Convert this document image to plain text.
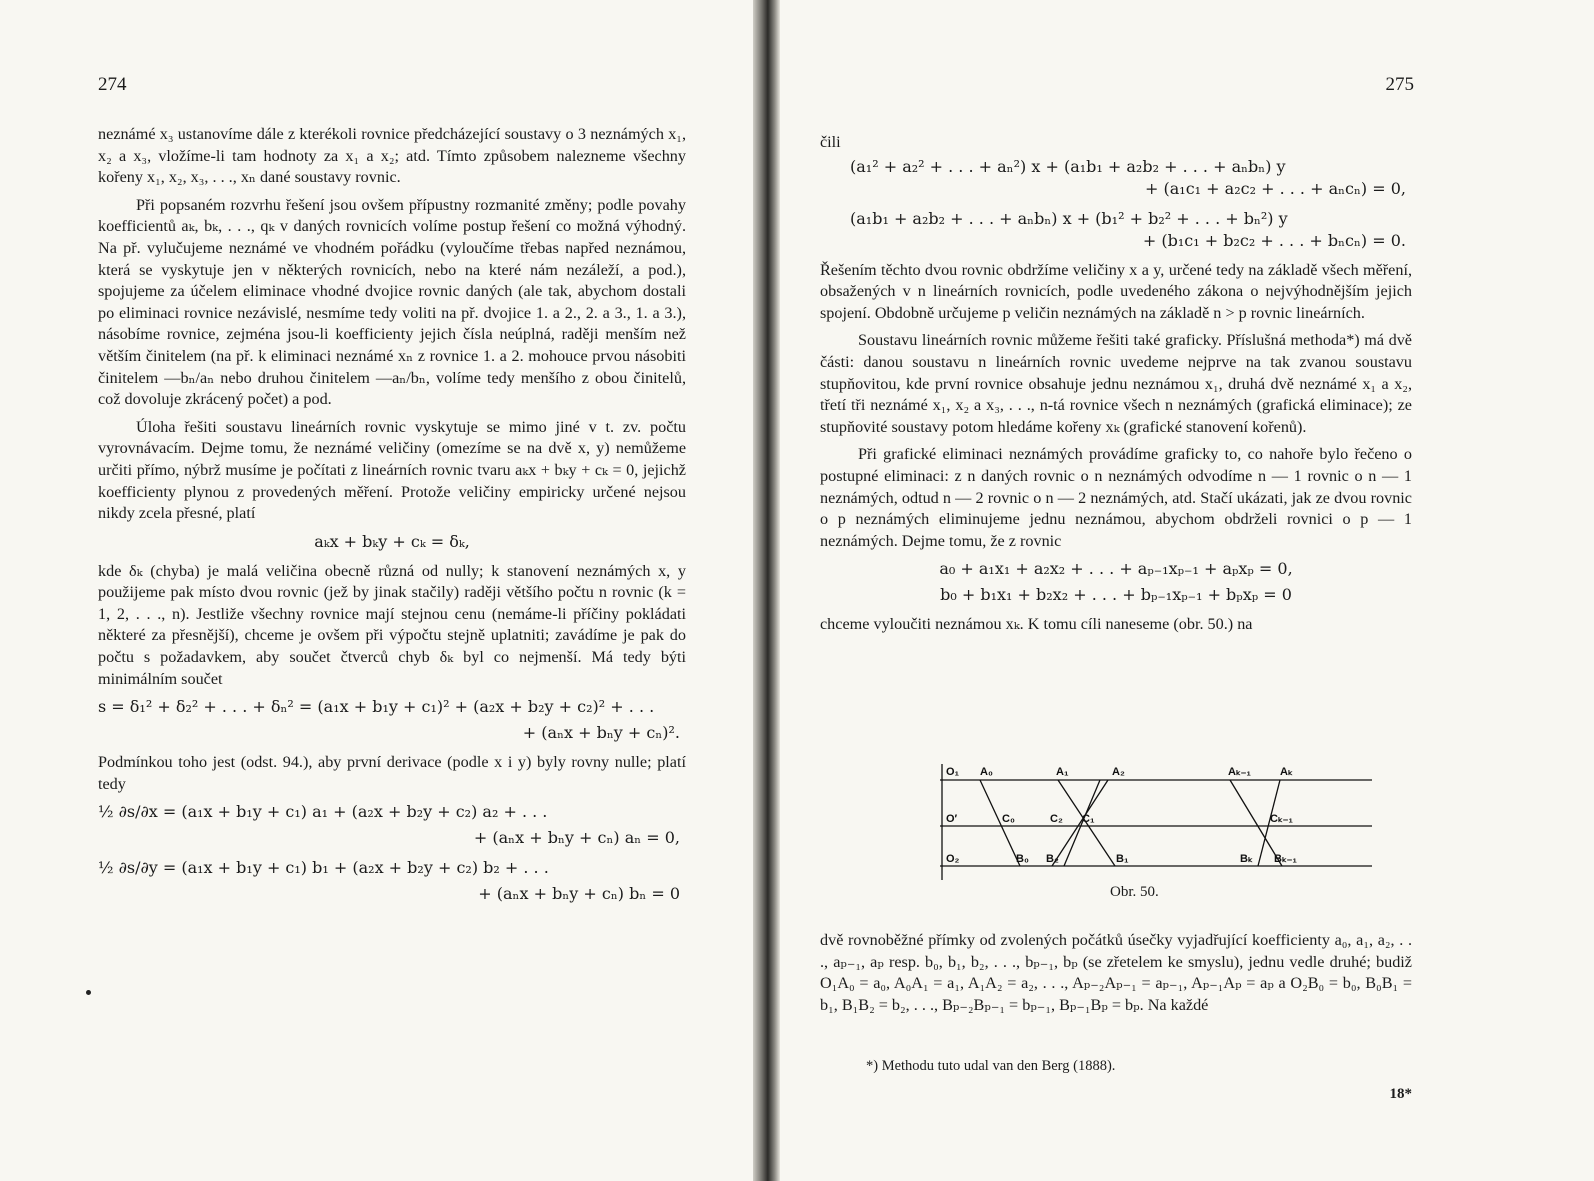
274

neznámé x₃ ustanovíme dále z kterékoli rovnice předcházející soustavy o 3 neznámých x₁, x₂ a x₃, vložíme-li tam hodnoty za x₁ a x₂; atd. Tímto způsobem nalezneme všechny kořeny x₁, x₂, x₃, . . ., xₙ dané soustavy rovnic.

Při popsaném rozvrhu řešení jsou ovšem přípustny rozmanité změny; podle povahy koefficientů aₖ, bₖ, . . ., qₖ v daných rovnicích volíme postup řešení co možná výhodný. Na př. vylučujeme neznámé ve vhodném pořádku (vyloučíme třebas napřed neznámou, která se vyskytuje jen v některých rovnicích, nebo na které nám nezáleží, a pod.), spojujeme za účelem eliminace vhodné dvojice rovnic daných (ale tak, abychom dostali po eliminaci rovnice nezávislé, nesmíme tedy voliti na př. dvojice 1. a 2., 2. a 3., 1. a 3.), násobíme rovnice, zejména jsou-li koefficienty jejich čísla neúplná, raději menším než větším činitelem (na př. k eliminaci neznámé xₙ z rovnice 1. a 2. mohouce prvou násobiti činitelem —bₙ/aₙ nebo druhou činitelem —aₙ/bₙ, volíme tedy menšího z obou činitelů, což dovoluje zkrácený počet) a pod.

Úloha řešiti soustavu lineárních rovnic vyskytuje se mimo jiné v t. zv. počtu vyrovnávacím. Dejme tomu, že neznámé veličiny (omezíme se na dvě x, y) nemůžeme určiti přímo, nýbrž musíme je počítati z lineárních rovnic tvaru aₖx + bₖy + cₖ = 0, jejichž koefficienty plynou z provedených měření. Protože veličiny empiricky určené nejsou nikdy zcela přesné, platí

aₖx + bₖy + cₖ = δₖ,

kde δₖ (chyba) je malá veličina obecně různá od nully; k stanovení neznámých x, y použijeme pak místo dvou rovnic (jež by jinak stačily) raději většího počtu n rovnic (k = 1, 2, . . ., n). Jestliže všechny rovnice mají stejnou cenu (nemáme-li příčiny pokládati některé za přesnější), chceme je ovšem při výpočtu stejně uplatniti; zavádíme je pak do počtu s požadavkem, aby součet čtverců chyb δₖ byl co nejmenší. Má tedy býti minimálním součet

s = δ₁² + δ₂² + . . . + δₙ² = (a₁x + b₁y + c₁)² + (a₂x + b₂y + c₂)² + . . .
+ (aₙx + bₙy + cₙ)².

Podmínkou toho jest (odst. 94.), aby první derivace (podle x i y) byly rovny nulle; platí tedy

½ ∂s/∂x = (a₁x + b₁y + c₁) a₁ + (a₂x + b₂y + c₂) a₂ + . . .
+ (aₙx + bₙy + cₙ) aₙ = 0,
½ ∂s/∂y = (a₁x + b₁y + c₁) b₁ + (a₂x + b₂y + c₂) b₂ + . . .
+ (aₙx + bₙy + cₙ) bₙ = 0
275

čili

(a₁² + a₂² + . . . + aₙ²) x + (a₁b₁ + a₂b₂ + . . . + aₙbₙ) y
+ (a₁c₁ + a₂c₂ + . . . + aₙcₙ) = 0,
(a₁b₁ + a₂b₂ + . . . + aₙbₙ) x + (b₁² + b₂² + . . . + bₙ²) y
+ (b₁c₁ + b₂c₂ + . . . + bₙcₙ) = 0.

Řešením těchto dvou rovnic obdržíme veličiny x a y, určené tedy na základě všech měření, obsažených v n lineárních rovnicích, podle uvedeného zákona o nejvýhodnějším jejich spojení. Obdobně určujeme p veličin neznámých na základě n > p rovnic lineárních.

Soustavu lineárních rovnic můžeme řešiti také graficky. Příslušná methoda*) má dvě části: danou soustavu n lineárních rovnic uvedeme nejprve na tak zvanou soustavu stupňovitou, kde první rovnice obsahuje jednu neznámou x₁, druhá dvě neznámé x₁ a x₂, třetí tři neznámé x₁, x₂ a x₃, . . ., n-tá rovnice všech n neznámých (grafická eliminace); ze stupňovité soustavy potom hledáme kořeny xₖ (grafické stanovení kořenů).

Při grafické eliminaci neznámých provádíme graficky to, co nahoře bylo řečeno o postupné eliminaci: z n daných rovnic o n neznámých odvodíme n — 1 rovnic o n — 1 neznámých, odtud n — 2 rovnic o n — 2 neznámých, atd. Stačí ukázati, jak ze dvou rovnic o p neznámých eliminujeme jednu neznámou, abychom obdrželi rovnici o p — 1 neznámých. Dejme tomu, že z rovnic

a₀ + a₁x₁ + a₂x₂ + . . . + aₚ₋₁xₚ₋₁ + aₚxₚ = 0,
b₀ + b₁x₁ + b₂x₂ + . . . + bₚ₋₁xₚ₋₁ + bₚxₚ = 0

chceme vyloučiti neznámou xₖ. K tomu cíli naneseme (obr. 50.) na

O₁ A₀	A₁	A₂	Aₖ₋₁	Aₖ
O′	C₀	C₂ C₁	Cₖ₋₁
O₂	B₀ B₂	B₁	Bₖ Bₖ₋₁
Obr. 50.

dvě rovnoběžné přímky od zvolených počátků úsečky vyjadřující koefficienty a₀, a₁, a₂, . . ., aₚ₋₁, aₚ resp. b₀, b₁, b₂, . . ., bₚ₋₁, bₚ (se zřetelem ke smyslu), jednu vedle druhé; budiž O₁A₀ = a₀, A₀A₁ = a₁, A₁A₂ = a₂, . . ., Aₚ₋₂Aₚ₋₁ = aₚ₋₁, Aₚ₋₁Aₚ = aₚ a O₂B₀ = b₀, B₀B₁ = b₁, B₁B₂ = b₂, . . ., Bₚ₋₂Bₚ₋₁ = bₚ₋₁, Bₚ₋₁Bₚ = bₚ. Na každé

*) Methodu tuto udal van den Berg (1888).
18*
